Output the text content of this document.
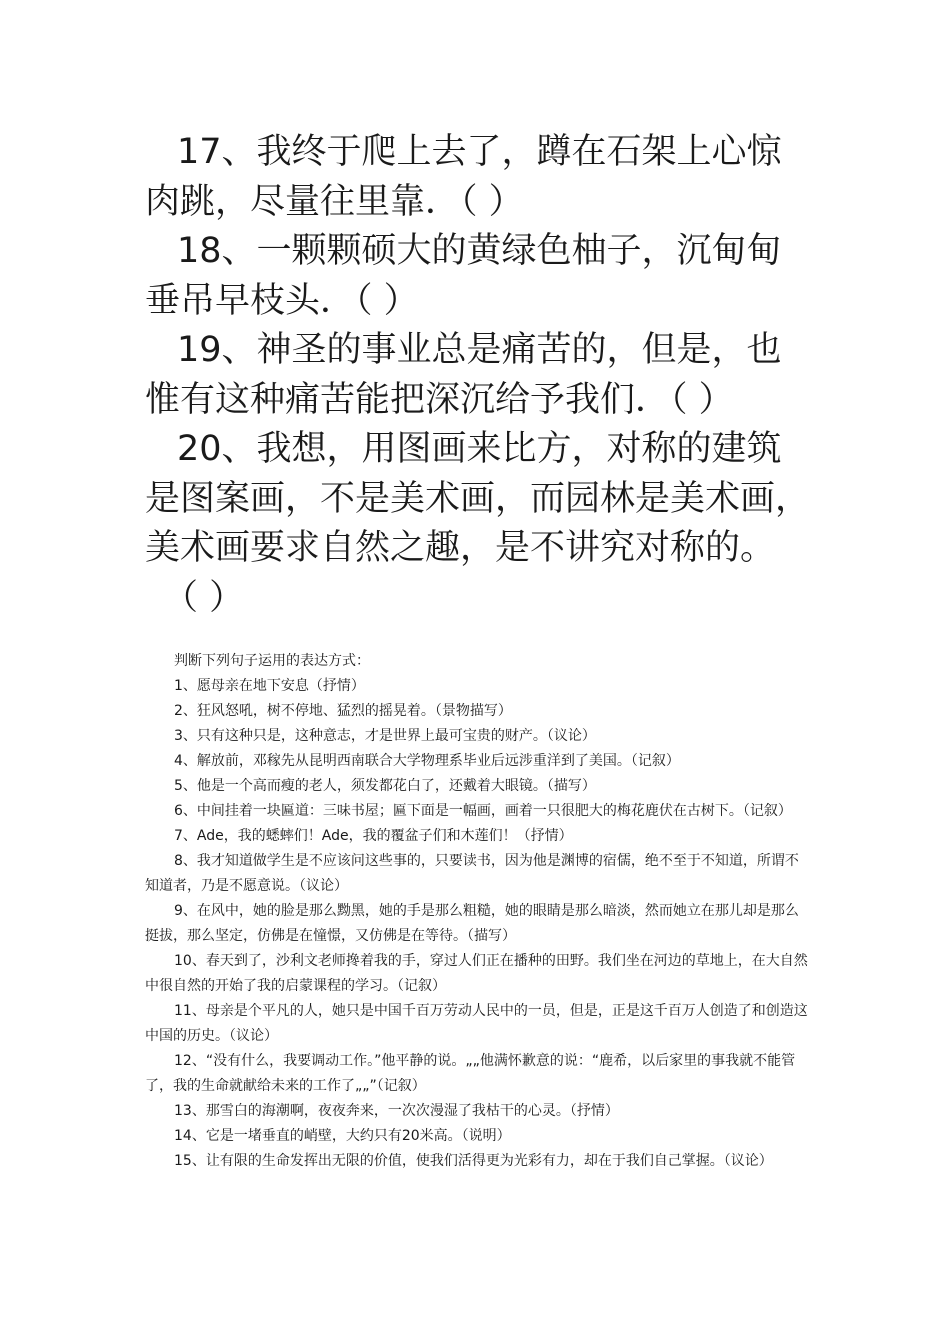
17、我终于爬上去了，蹲在石架上心惊肉跳，尽量往里靠．（ ）

18、一颗颗硕大的黄绿色柚子，沉甸甸垂吊早枝头．（ ）

19、神圣的事业总是痛苦的，但是，也惟有这种痛苦能把深沉给予我们．（ ）

20、我想，用图画来比方，对称的建筑是图案画，不是美术画，而园林是美术画，美术画要求自然之趣，是不讲究对称的。

（ ）

判断下列句子运用的表达方式：

1、愿母亲在地下安息（抒情）

2、狂风怒吼，树不停地、猛烈的摇晃着。（景物描写）

3、只有这种只是，这种意志，才是世界上最可宝贵的财产。（议论）

4、解放前，邓稼先从昆明西南联合大学物理系毕业后远涉重洋到了美国。（记叙）

5、他是一个高而瘦的老人，须发都花白了，还戴着大眼镜。（描写）

6、中间挂着一块匾道：三味书屋；匾下面是一幅画，画着一只很肥大的梅花鹿伏在古树下。（记叙）

7、Ade，我的蟋蟀们！Ade，我的覆盆子们和木莲们！（抒情）

8、我才知道做学生是不应该问这些事的，只要读书，因为他是渊博的宿儒，绝不至于不知道，所谓不知道者，乃是不愿意说。（议论）

9、在风中，她的脸是那么黝黑，她的手是那么粗糙，她的眼睛是那么暗淡，然而她立在那儿却是那么挺拔，那么坚定，仿佛是在憧憬，又仿佛是在等待。（描写）

10、春天到了，沙利文老师搀着我的手，穿过人们正在播种的田野。我们坐在河边的草地上，在大自然中很自然的开始了我的启蒙课程的学习。（记叙）

11、母亲是个平凡的人，她只是中国千百万劳动人民中的一员，但是，正是这千百万人创造了和创造这中国的历史。（议论）

12、“没有什么，我要调动工作。”他平静的说。„„他满怀歉意的说：“鹿希，以后家里的事我就不能管了，我的生命就献给未来的工作了„„”（记叙）

13、那雪白的海潮啊，夜夜奔来，一次次漫湿了我枯干的心灵。（抒情）

14、它是一堵垂直的峭壁，大约只有20米高。（说明）

15、让有限的生命发挥出无限的价值，使我们活得更为光彩有力，却在于我们自己掌握。（议论）
